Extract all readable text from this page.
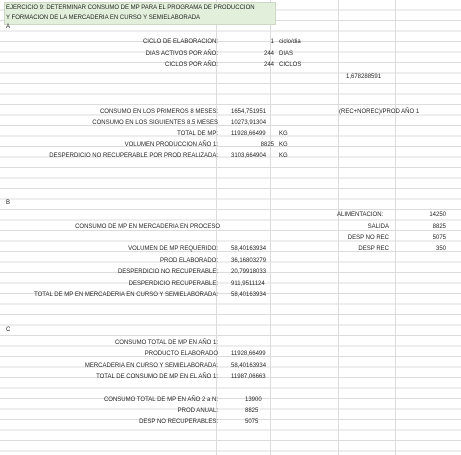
EJERCICIO 9: DETERMINAR CONSUMO DE MP PARA EL PROGRAMA DE PRODUCCION
Y FORMACION DE LA MERCADERIA EN CURSO Y SEMIELABORADA
A
CICLO DE ELABORACION:	1 ciclo/dia
DIAS ACTIVOS POR AÑO:	244 DIAS
CICLOS POR AÑO:	244 CICLOS
1,678288591
CONSUMO EN LOS PRIMEROS 8 MESES: 1654,751951	(REC+NOREC)/PROD AÑO 1
CONSUMO EN LOS SIGUIENTES 8.5 MESES 10273,91304
TOTAL DE MP: 11928,66499 KG
VOLUMEN PRODUCCION AÑO 1:	8825 KG
DESPERDICIO NO RECUPERABLE POR PROD REALIZADA: 3103,664904 KG
B
ALIMENTACION:	14250
CONSUMO DE MP EN MERCADERIA EN PROCESO	SALIDA	8825
DESP NO REC	5075
VOLUMEN DE MP REQUERIDO: 58,40163934	DESP REC	350
PROD ELABORADO: 36,16803279
DESPERDICIO NO RECUPERABLE: 20,79918033
DESPERDICIO RECUPERABLE: 911,9511124
TOTAL DE MP EN MERCADERIA EN CURSO Y SEMIELABORADA: 58,40163934
C
CONSUMO TOTAL DE MP EN AÑO 1:
PRODUCTO ELABORADO 11928,66499
MERCADERIA EN CURSO Y SEMIELABORADA: 58,40163934
TOTAL DE CONSUMO DE MP EN EL AÑO 1: 11987,06663
CONSUMO TOTAL DE MP EN AÑO 2 a N:	13900
PROD ANUAL:	8825
DESP NO RECUPERABLES:	5075
